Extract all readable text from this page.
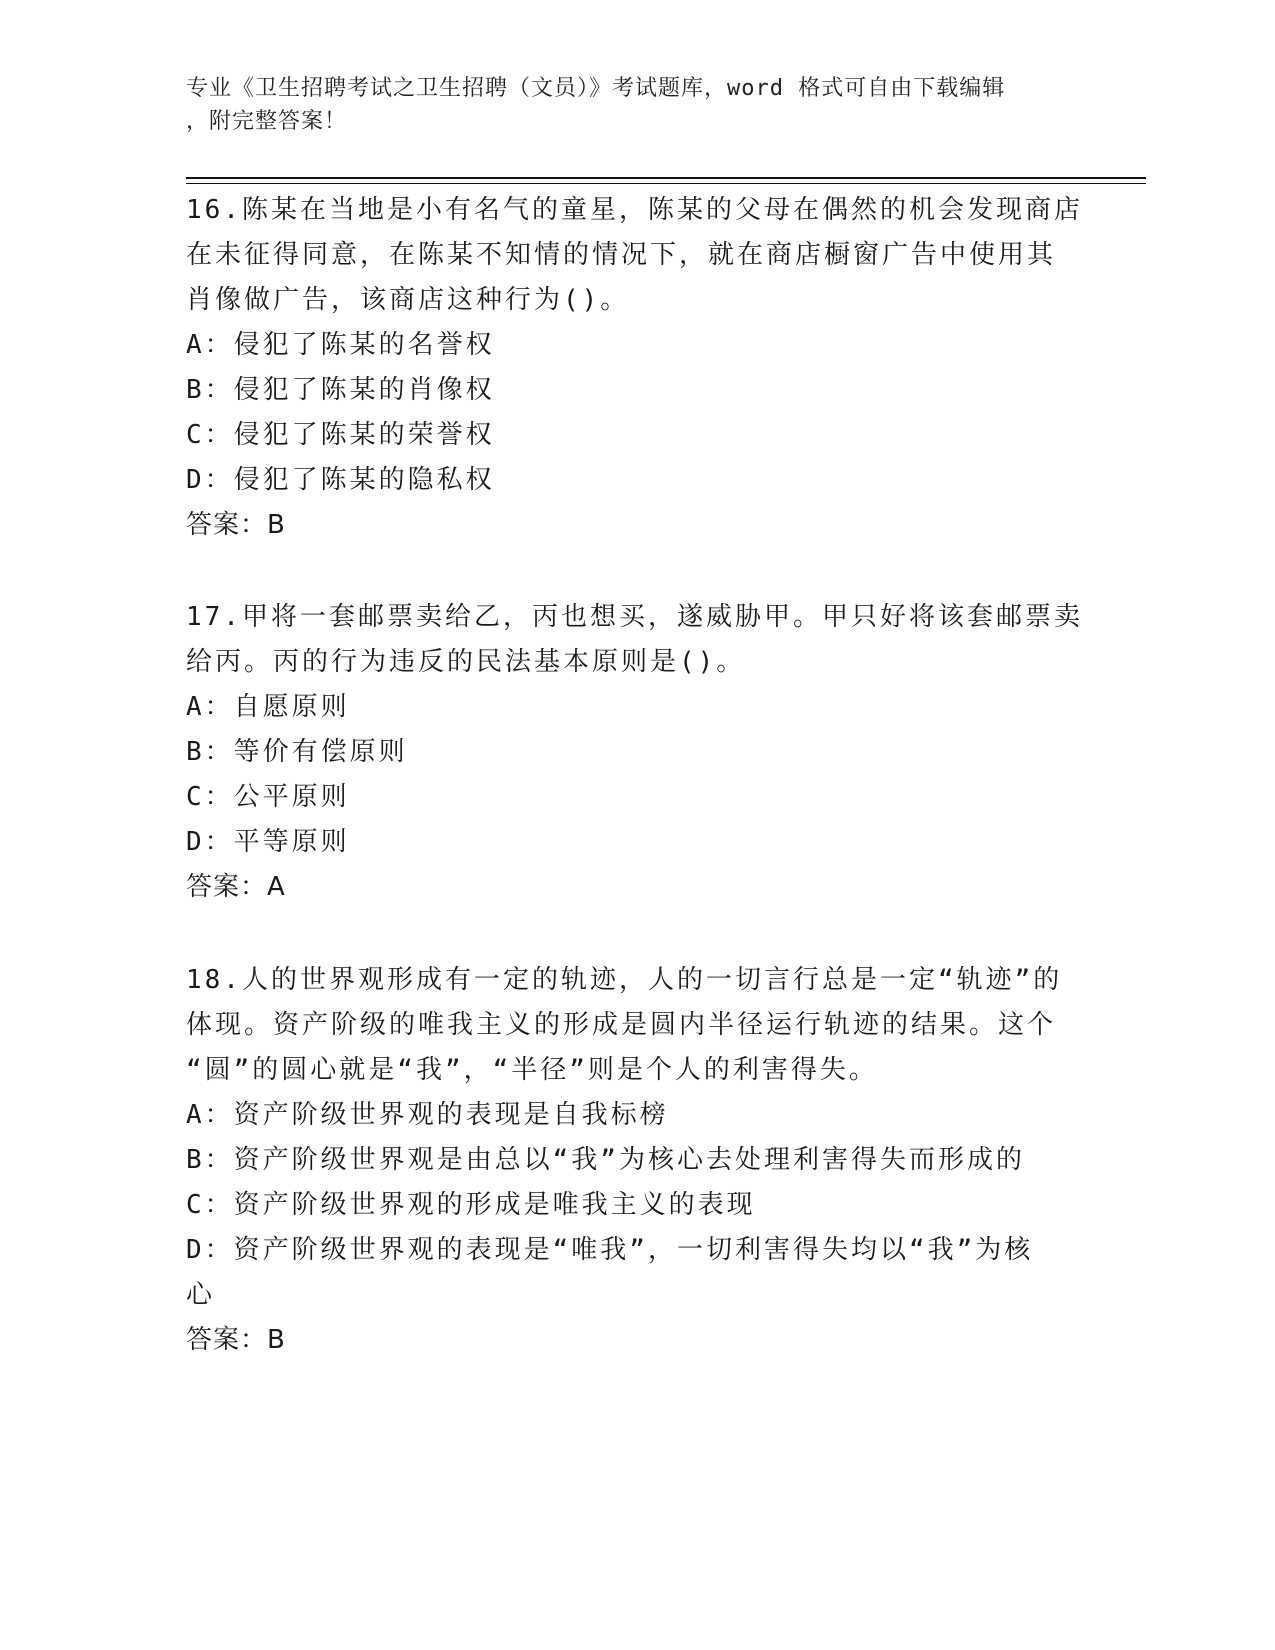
专业《卫生招聘考试之卫生招聘（文员）》考试题库，word 格式可自由下载编辑

，附完整答案！

16.陈某在当地是小有名气的童星，陈某的父母在偶然的机会发现商店

在未征得同意，在陈某不知情的情况下，就在商店橱窗广告中使用其

肖像做广告，该商店这种行为()。

A：侵犯了陈某的名誉权

B：侵犯了陈某的肖像权

C：侵犯了陈某的荣誉权

D：侵犯了陈某的隐私权

答案：B

17.甲将一套邮票卖给乙，丙也想买，遂威胁甲。甲只好将该套邮票卖

给丙。丙的行为违反的民法基本原则是()。

A：自愿原则

B：等价有偿原则

C：公平原则

D：平等原则

答案：A

18.人的世界观形成有一定的轨迹，人的一切言行总是一定“轨迹”的

体现。资产阶级的唯我主义的形成是圆内半径运行轨迹的结果。这个

“圆”的圆心就是“我”，“半径”则是个人的利害得失。

A：资产阶级世界观的表现是自我标榜

B：资产阶级世界观是由总以“我”为核心去处理利害得失而形成的

C：资产阶级世界观的形成是唯我主义的表现

D：资产阶级世界观的表现是“唯我”，一切利害得失均以“我”为核

心

答案：B
